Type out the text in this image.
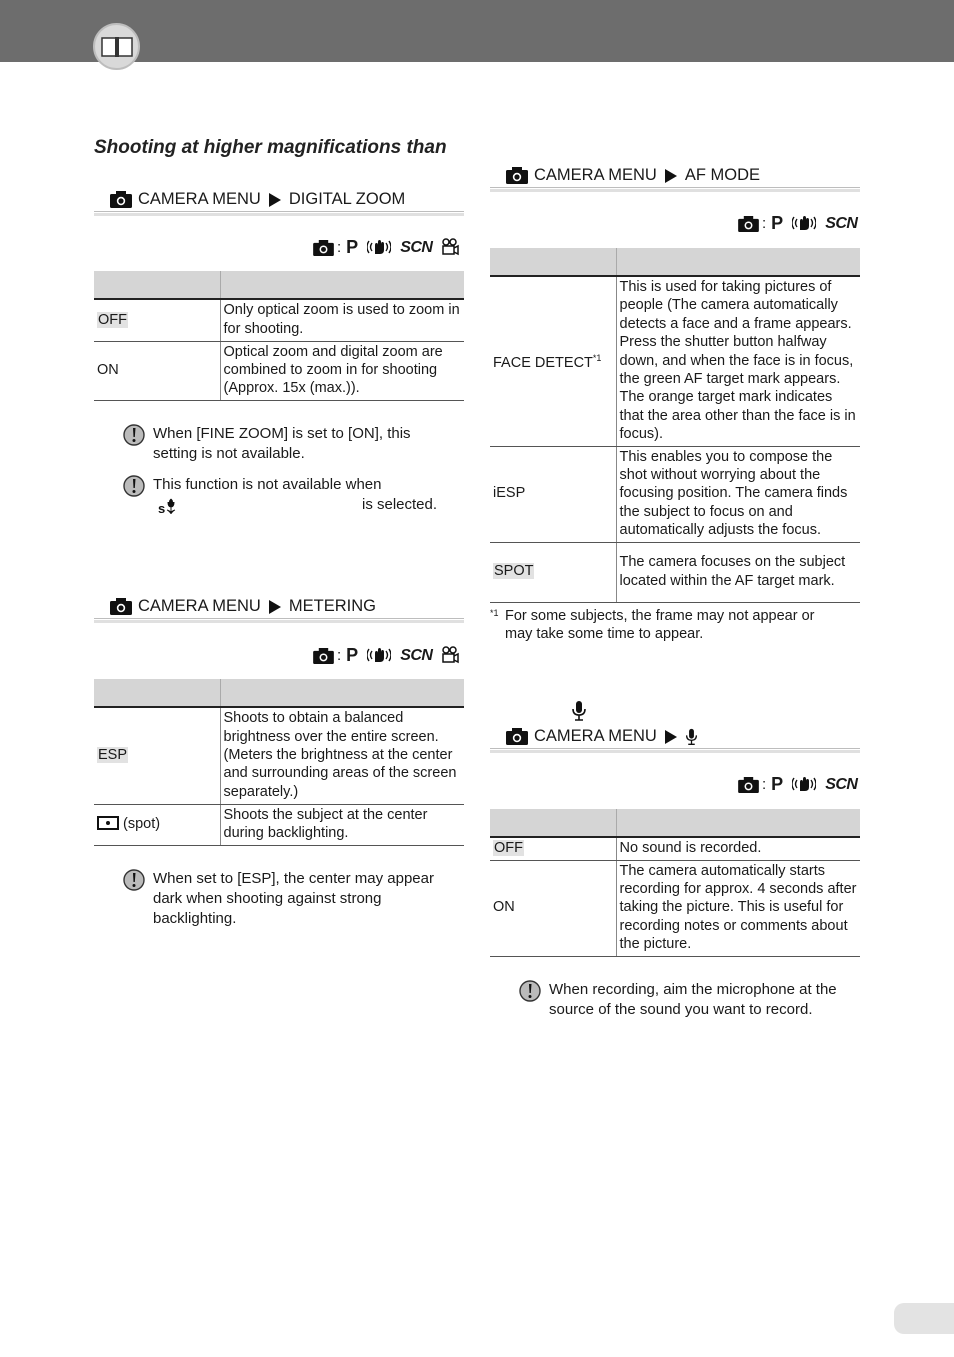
Shooting at higher magnifications than
CAMERA MENU DIGITAL ZOOM
: P	SCN

OFF	Only optical zoom is used to zoom in for shooting.
ON	Optical zoom and digital zoom are combined to zoom in for shooting (Approx. 15x (max.)).
When [FINE ZOOM] is set to [ON], this setting is not available.
This function is not available when
s	is selected.
CAMERA MENU METERING
: P	SCN

ESP	Shoots to obtain a balanced brightness over the entire screen. (Meters the brightness at the center and surrounding areas of the screen separately.)
(spot)	Shoots the subject at the center during backlighting.
When set to [ESP], the center may appear dark when shooting against strong backlighting.
CAMERA MENU AF MODE
: P	SCN

FACE DETECT$^{*1}$	This is used for taking pictures of people (The camera automatically detects a face and a frame appears. Press the shutter button halfway down, and when the face is in focus, the green AF target mark appears. The orange target mark indicates that the area other than the face is in focus).
iESP	This enables you to compose the shot without worrying about the focusing position. The camera finds the subject to focus on and automatically adjusts the focus.
SPOT	The camera focuses on the subject located within the AF target mark.
*1 For some subjects, the frame may not appear or may take some time to appear.
CAMERA MENU
: P	SCN

OFF	No sound is recorded.
ON	The camera automatically starts recording for approx. 4 seconds after taking the picture. This is useful for recording notes or comments about the picture.
When recording, aim the microphone at the source of the sound you want to record.
